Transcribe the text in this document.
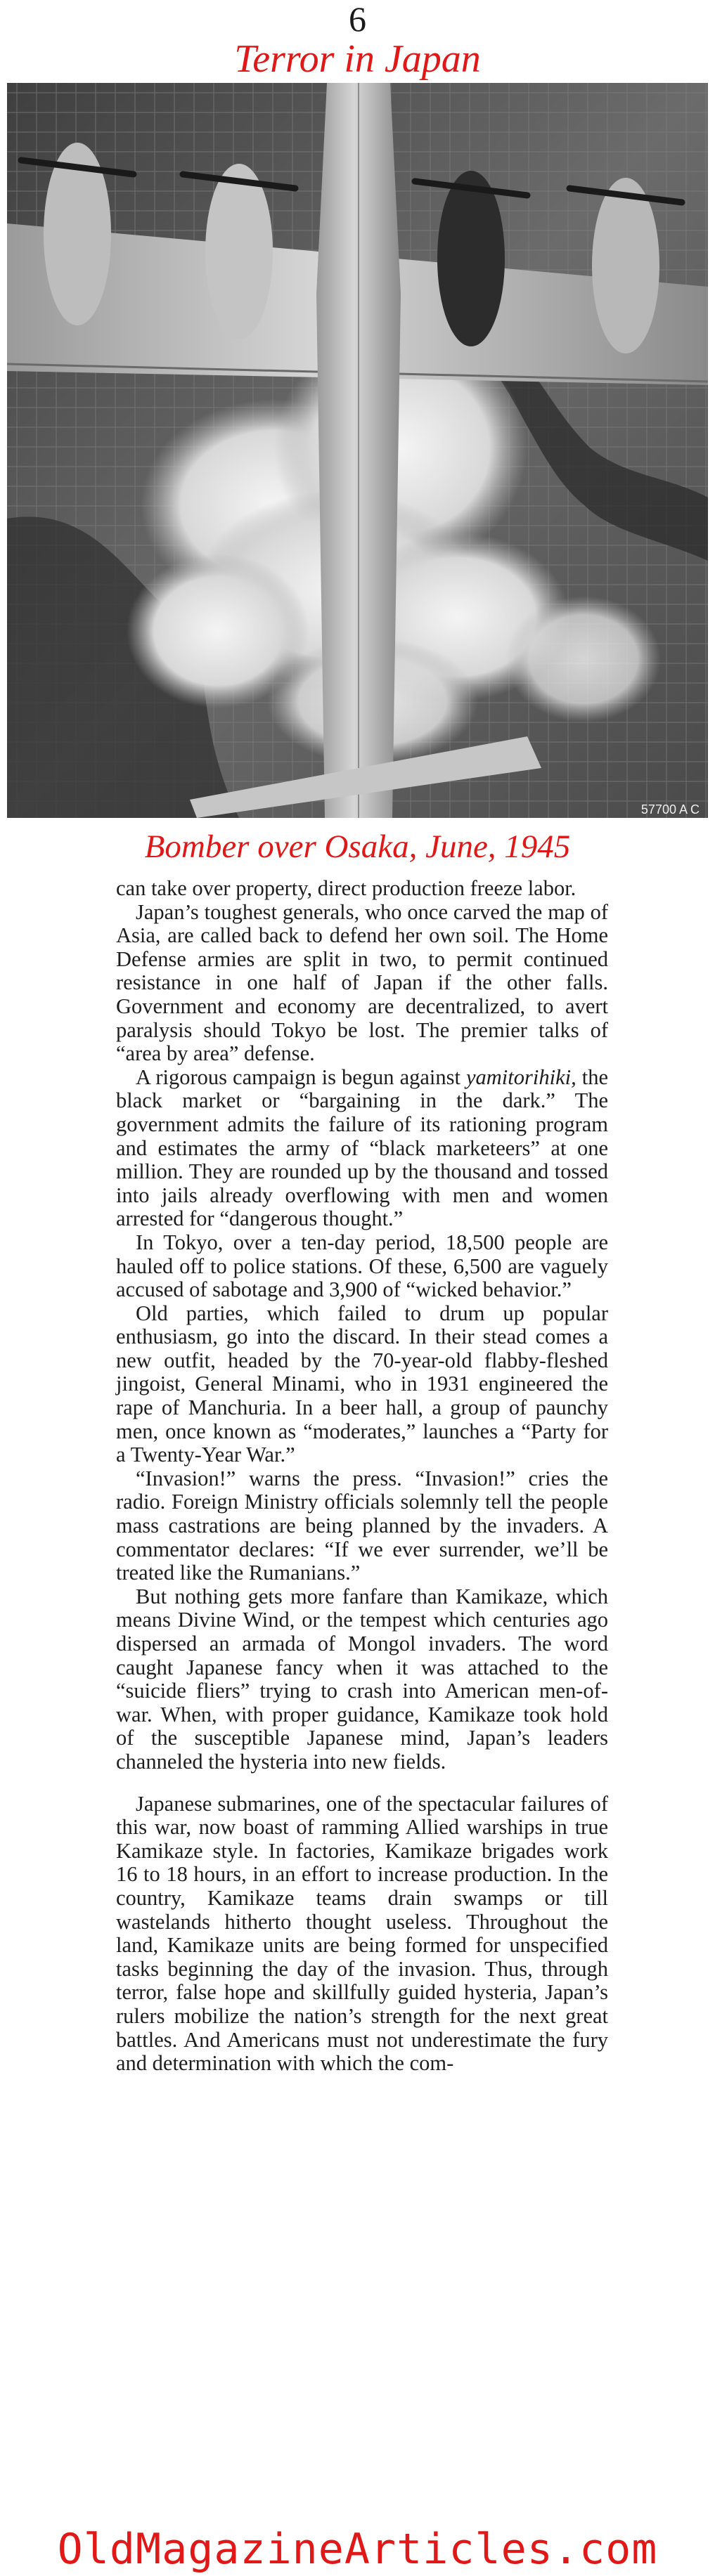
6
Terror in Japan
57700 A C
Bomber over Osaka, June, 1945

can take over property, direct production freeze labor.

Japan’s toughest generals, who once carved the map of Asia, are called back to defend her own soil. The Home Defense armies are split in two, to permit continued resistance in one half of Japan if the other falls. Government and economy are decentralized, to avert paralysis should Tokyo be lost. The premier talks of “area by area” defense.

A rigorous campaign is begun against yamitorihiki, the black market or “bargaining in the dark.” The government admits the failure of its rationing program and estimates the army of “black marketeers” at one million. They are rounded up by the thousand and tossed into jails already overflowing with men and women arrested for “dangerous thought.”

In Tokyo, over a ten-day period, 18,500 people are hauled off to police stations. Of these, 6,500 are vaguely accused of sabotage and 3,900 of “wicked behavior.”

Old parties, which failed to drum up popular enthusiasm, go into the discard. In their stead comes a new outfit, headed by the 70-year-old flabby-fleshed jingoist, General Minami, who in 1931 engineered the rape of Manchuria. In a beer hall, a group of paunchy men, once known as “moderates,” launches a “Party for a Twenty-Year War.”

“Invasion!” warns the press. “Invasion!” cries the radio. Foreign Ministry officials solemnly tell the people mass castrations are being planned by the invaders. A commentator declares: “If we ever surrender, we’ll be treated like the Rumanians.”

But nothing gets more fanfare than Kamikaze, which means Divine Wind, or the tempest which centuries ago dispersed an armada of Mongol invaders. The word caught Japanese fancy when it was attached to the “suicide fliers” trying to crash into American men-of-war. When, with proper guidance, Kamikaze took hold of the susceptible Japanese mind, Japan’s leaders channeled the hysteria into new fields.

Japanese submarines, one of the spectacular failures of this war, now boast of ramming Allied warships in true Kamikaze style. In factories, Kamikaze brigades work 16 to 18 hours, in an effort to increase production. In the country, Kamikaze teams drain swamps or till wastelands hitherto thought useless. Throughout the land, Kamikaze units are being formed for unspecified tasks beginning the day of the invasion. Thus, through terror, false hope and skillfully guided hysteria, Japan’s rulers mobilize the nation’s strength for the next great battles. And Americans must not underestimate the fury and determination with which the com-

OldMagazineArticles.com
